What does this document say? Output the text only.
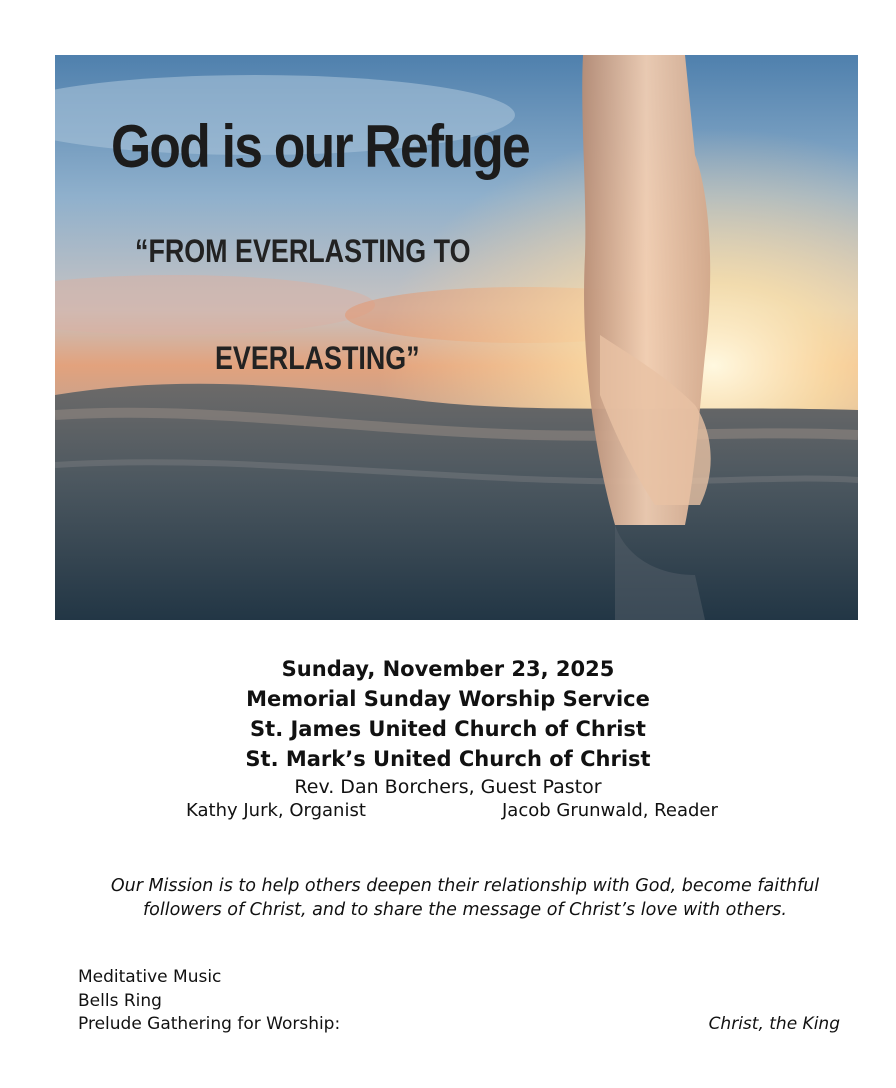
God is our Refuge
“FROM EVERLASTING TO
EVERLASTING”
Sunday, November 23, 2025
Memorial Sunday Worship Service
St. James United Church of Christ
St. Mark’s United Church of Christ
Rev. Dan Borchers, Guest Pastor
Kathy Jurk, Organist	Jacob Grunwald, Reader
Our Mission is to help others deepen their relationship with God, become faithful
followers of Christ, and to share the message of Christ’s love with others.
Meditative Music
Bells Ring
Prelude Gathering for Worship:	Christ, the King
